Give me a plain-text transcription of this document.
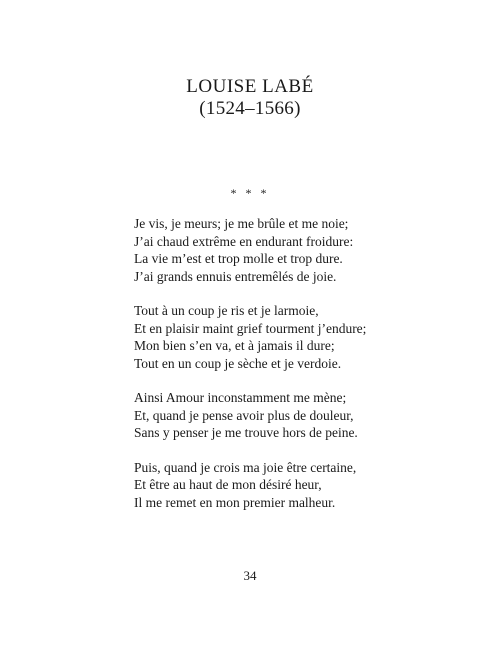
LOUISE LABÉ
(1524–1566)
* * *
Je vis, je meurs; je me brûle et me noie;
J’ai chaud extrême en endurant froidure:
La vie m’est et trop molle et trop dure.
J’ai grands ennuis entremêlés de joie.
Tout à un coup je ris et je larmoie,
Et en plaisir maint grief tourment j’endure;
Mon bien s’en va, et à jamais il dure;
Tout en un coup je sèche et je verdoie.
Ainsi Amour inconstamment me mène;
Et, quand je pense avoir plus de douleur,
Sans y penser je me trouve hors de peine.
Puis, quand je crois ma joie être certaine,
Et être au haut de mon désiré heur,
Il me remet en mon premier malheur.
34
